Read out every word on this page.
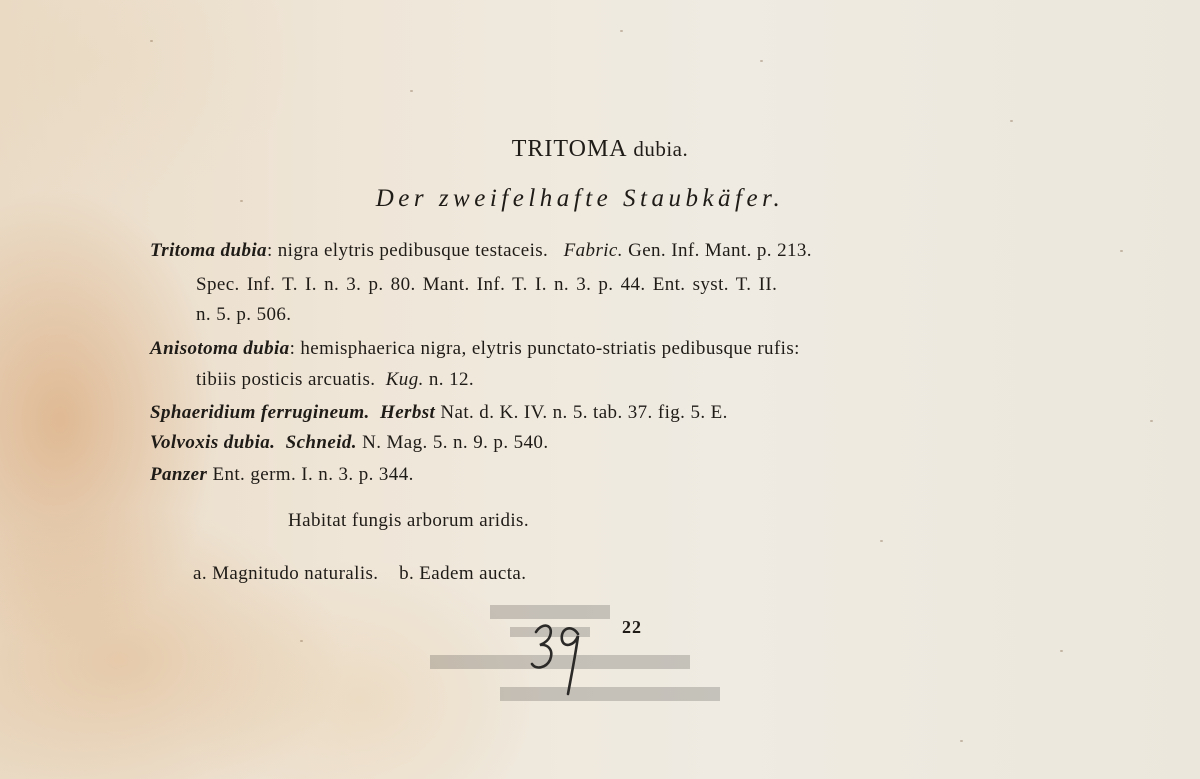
TRITOMA dubia.
Der zweifelhafte Staubkäfer.
Tritoma dubia: nigra elytris pedibusque testaceis. Fabric. Gen. Inf. Mant. p. 213.
Spec. Inf. T. I. n. 3. p. 80. Mant. Inf. T. I. n. 3. p. 44. Ent. syst. T. II.
n. 5. p. 506.
Anisotoma dubia: hemisphaerica nigra, elytris punctato-striatis pedibusque rufis:
tibiis posticis arcuatis. Kug. n. 12.
Sphaeridium ferrugineum. Herbst Nat. d. K. IV. n. 5. tab. 37. fig. 5. E.
Volvoxis dubia. Schneid. N. Mag. 5. n. 9. p. 540.
Panzer Ent. germ. I. n. 3. p. 344.
Habitat fungis arborum aridis.
a. Magnitudo naturalis. b. Eadem aucta.
22
